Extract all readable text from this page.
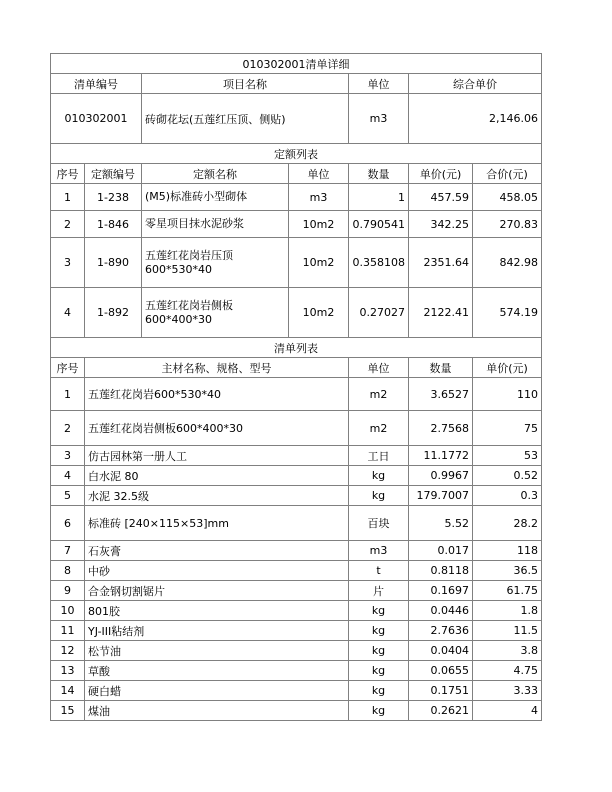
010302001清单详细							
清单编号		项目名称		单位	综合单价		
010302001		砖砌花坛(五莲红压顶、侧贴)		m3	2,146.06		
定额列表							
序号	定额编号	定额名称	单位	数量	单价(元)	合价(元)	
1	1-238	(M5)标准砖小型砌体	m3	1	457.59	458.05	
2	1-846	零星项目抹水泥砂浆	10m2	0.790541	342.25	270.83	
3	1-890	五莲红花岗岩压顶
600*530*40	10m2	0.358108	2351.64	842.98	
4	1-892	五莲红花岗岩侧板
600*400*30	10m2	0.27027	2122.41	574.19	
清单列表							
序号	主材名称、规格、型号			单位	数量	单价(元)	
1	五莲红花岗岩600*530*40			m2	3.6527	110	
2	五莲红花岗岩侧板600*400*30			m2	2.7568	75	
3	仿古园林第一册人工			工日	11.1772	53	
4	白水泥 80			kg	0.9967	0.52	
5	水泥 32.5级			kg	179.7007	0.3	
6	标准砖 [240×115×53]mm			百块	5.52	28.2	
7	石灰膏			m3	0.017	118	
8	中砂			t	0.8118	36.5	
9	合金钢切割锯片			片	0.1697	61.75	
10	801胶			kg	0.0446	1.8	
11	YJ-III粘结剂			kg	2.7636	11.5	
12	松节油			kg	0.0404	3.8	
13	草酸			kg	0.0655	4.75	
14	硬白蜡			kg	0.1751	3.33	
15	煤油			kg	0.2621	4	
